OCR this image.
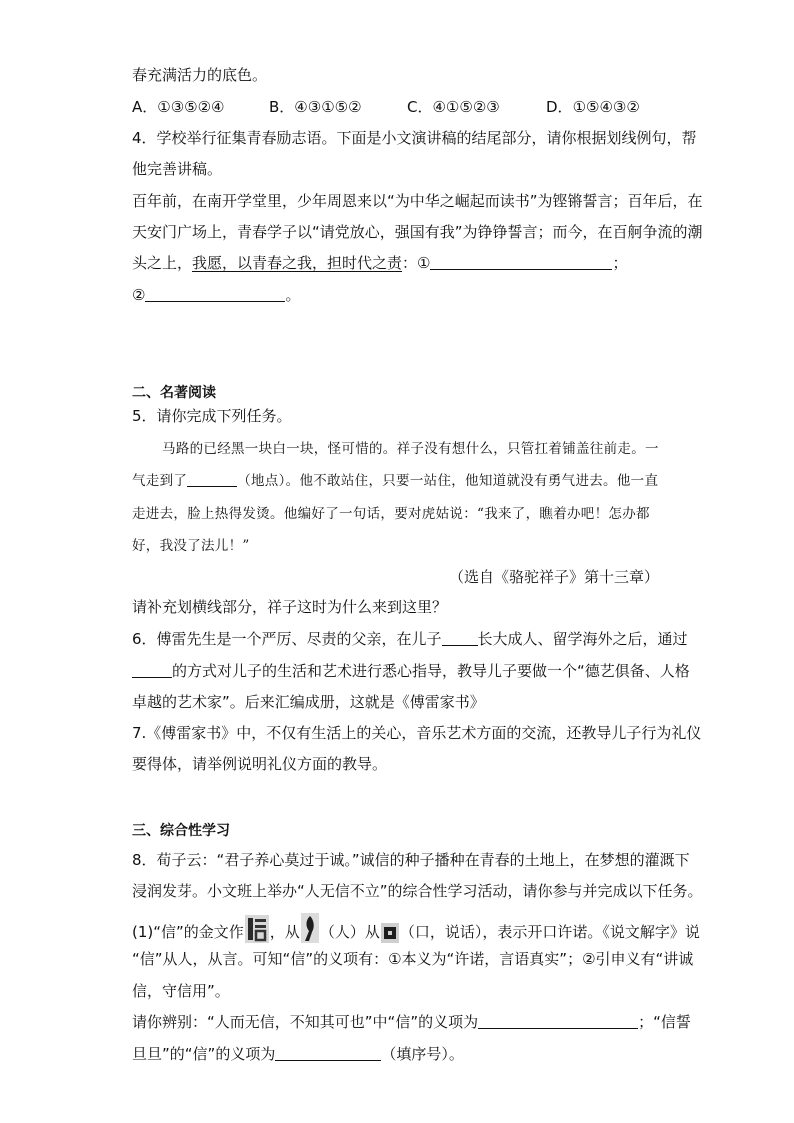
春充满活力的底色。
A．①③⑤②④	B．④③①⑤②	C．④①⑤②③	D．①⑤④③②
4．学校举行征集青春励志语。下面是小文演讲稿的结尾部分，请你根据划线例句，帮
他完善讲稿。
百年前，在南开学堂里，少年周恩来以“为中华之崛起而读书”为铿锵誓言；百年后，在
天安门广场上，青春学子以“请党放心，强国有我”为铮铮誓言；而今，在百舸争流的潮
头之上，我愿，以青春之我，担时代之责：①	；
②	。
二、名著阅读
5．请你完成下列任务。
马路的已经黑一块白一块，怪可惜的。祥子没有想什么，只管扛着铺盖往前走。一
气走到了	（地点）。他不敢站住，只要一站住，他知道就没有勇气进去。他一直
走进去，脸上热得发烫。他编好了一句话，要对虎姑说：“我来了，瞧着办吧！怎办都
好，我没了法儿！”
（选自《骆驼祥子》第十三章）
请补充划横线部分，祥子这时为什么来到这里？
6．傅雷先生是一个严厉、尽责的父亲，在儿子 长大成人、留学海外之后，通过
的方式对儿子的生活和艺术进行悉心指导，教导儿子要做一个“德艺俱备、人格
卓越的艺术家”。后来汇编成册，这就是《傅雷家书》
7.《傅雷家书》中，不仅有生活上的关心，音乐艺术方面的交流，还教导儿子行为礼仪
要得体，请举例说明礼仪方面的教导。
三、综合性学习
8．荀子云：“君子养心莫过于诚。”诚信的种子播种在青春的土地上，在梦想的灌溉下
浸润发芽。小文班上举办“人无信不立”的综合性学习活动，请你参与并完成以下任务。
(1)“信”的金文作 ，从 （人）从 （口，说话），表示开口许诺。《说文解字》说
“信”从人，从言。可知“信”的义项有：①本义为“许诺，言语真实”；②引申义有“讲诚
信，守信用”。
请你辨别：“人而无信，不知其可也”中“信”的义项为	；“信誓
旦旦”的“信”的义项为	（填序号）。
